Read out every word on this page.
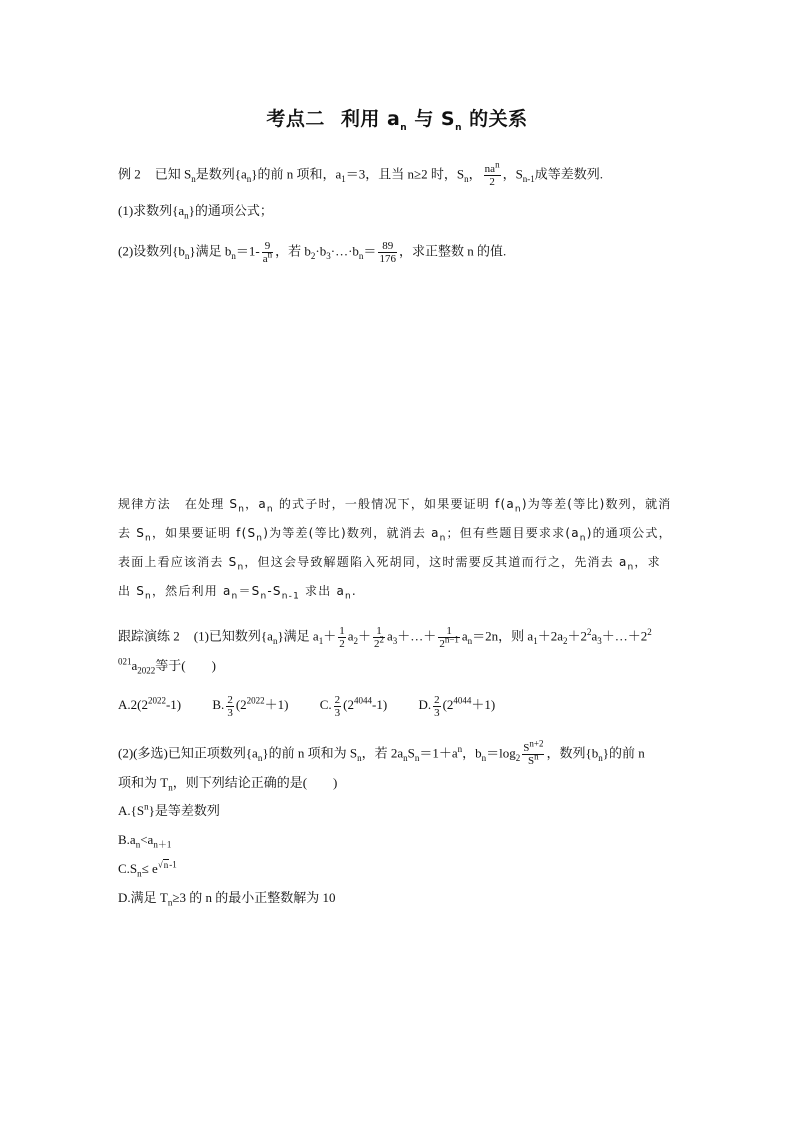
考点二 利用 $a_n$ 与 $S_n$ 的关系
例 2 已知 $S_n$是数列$\{a_n\}$的前 n 项和，$a_1=3$，且当 n≥2 时，$S_n$， $\frac{na^n}{2}$ ，$S_{n-1}$成等差数列.
(1)求数列$\{a_n\}$的通项公式；
(2)设数列$\{b_n\}$满足 $b_n=1- \frac{9}{a^n}$ ，若 $b_2\cdot b_3\cdot\dots\cdot b_n= \frac{89}{176}$ ，求正整数 n 的值.
规律方法 在处理 $S_n$，$a_n$ 的式子时，一般情况下，如果要证明 $f(a_n)$为等差(等比)数列，就消
去 $S_n$，如果要证明 $f(S_n)$为等差(等比)数列，就消去 $a_n$；但有些题目要求求$(a_n)$的通项公式，
表面上看应该消去 $S_n$，但这会导致解题陷入死胡同，这时需要反其道而行之，先消去 $a_n$，求
出 $S_n$，然后利用 $a_n=S_n-S_{n-1}$ 求出 $a_n$.
跟踪演练 2 (1)已知数列$\{a_n\}$满足 $a_1+ \frac{1}{2} a_2+ \frac{1}{2^2}$ $a_3+\dots+ \frac{1}{2^{n-1}} a_n=2n$，则 $a_1+2a_2+2^2a_3+\dots+2^2$
$^{021}a_{2022}$等于(　　)
$A.2(2^{2022}-1)$ B. $\frac{2}{3} (2^{2022}+1)$ C. $\frac{2}{3} (2^{4044}-1)$ D. $\frac{2}{3} (2^{4044}+1)$
(2)(多选)已知正项数列$\{a_n\}$的前 n 项和为 $S_n$，若 $2a_nS_n=1+a^n$，$b_n=\log_2 \frac{S^{n+2}}{S^n}$ ，数列$\{b_n\}$的前 n
项和为 $T_n$，则下列结论正确的是(　　)
$A.\{S^n\}$是等差数列
$B.a_n<a_{n+1}$
$C.S_n\le e^{√n-1}$
D.满足 $T_n\ge 3$ 的 n 的最小正整数解为 10
